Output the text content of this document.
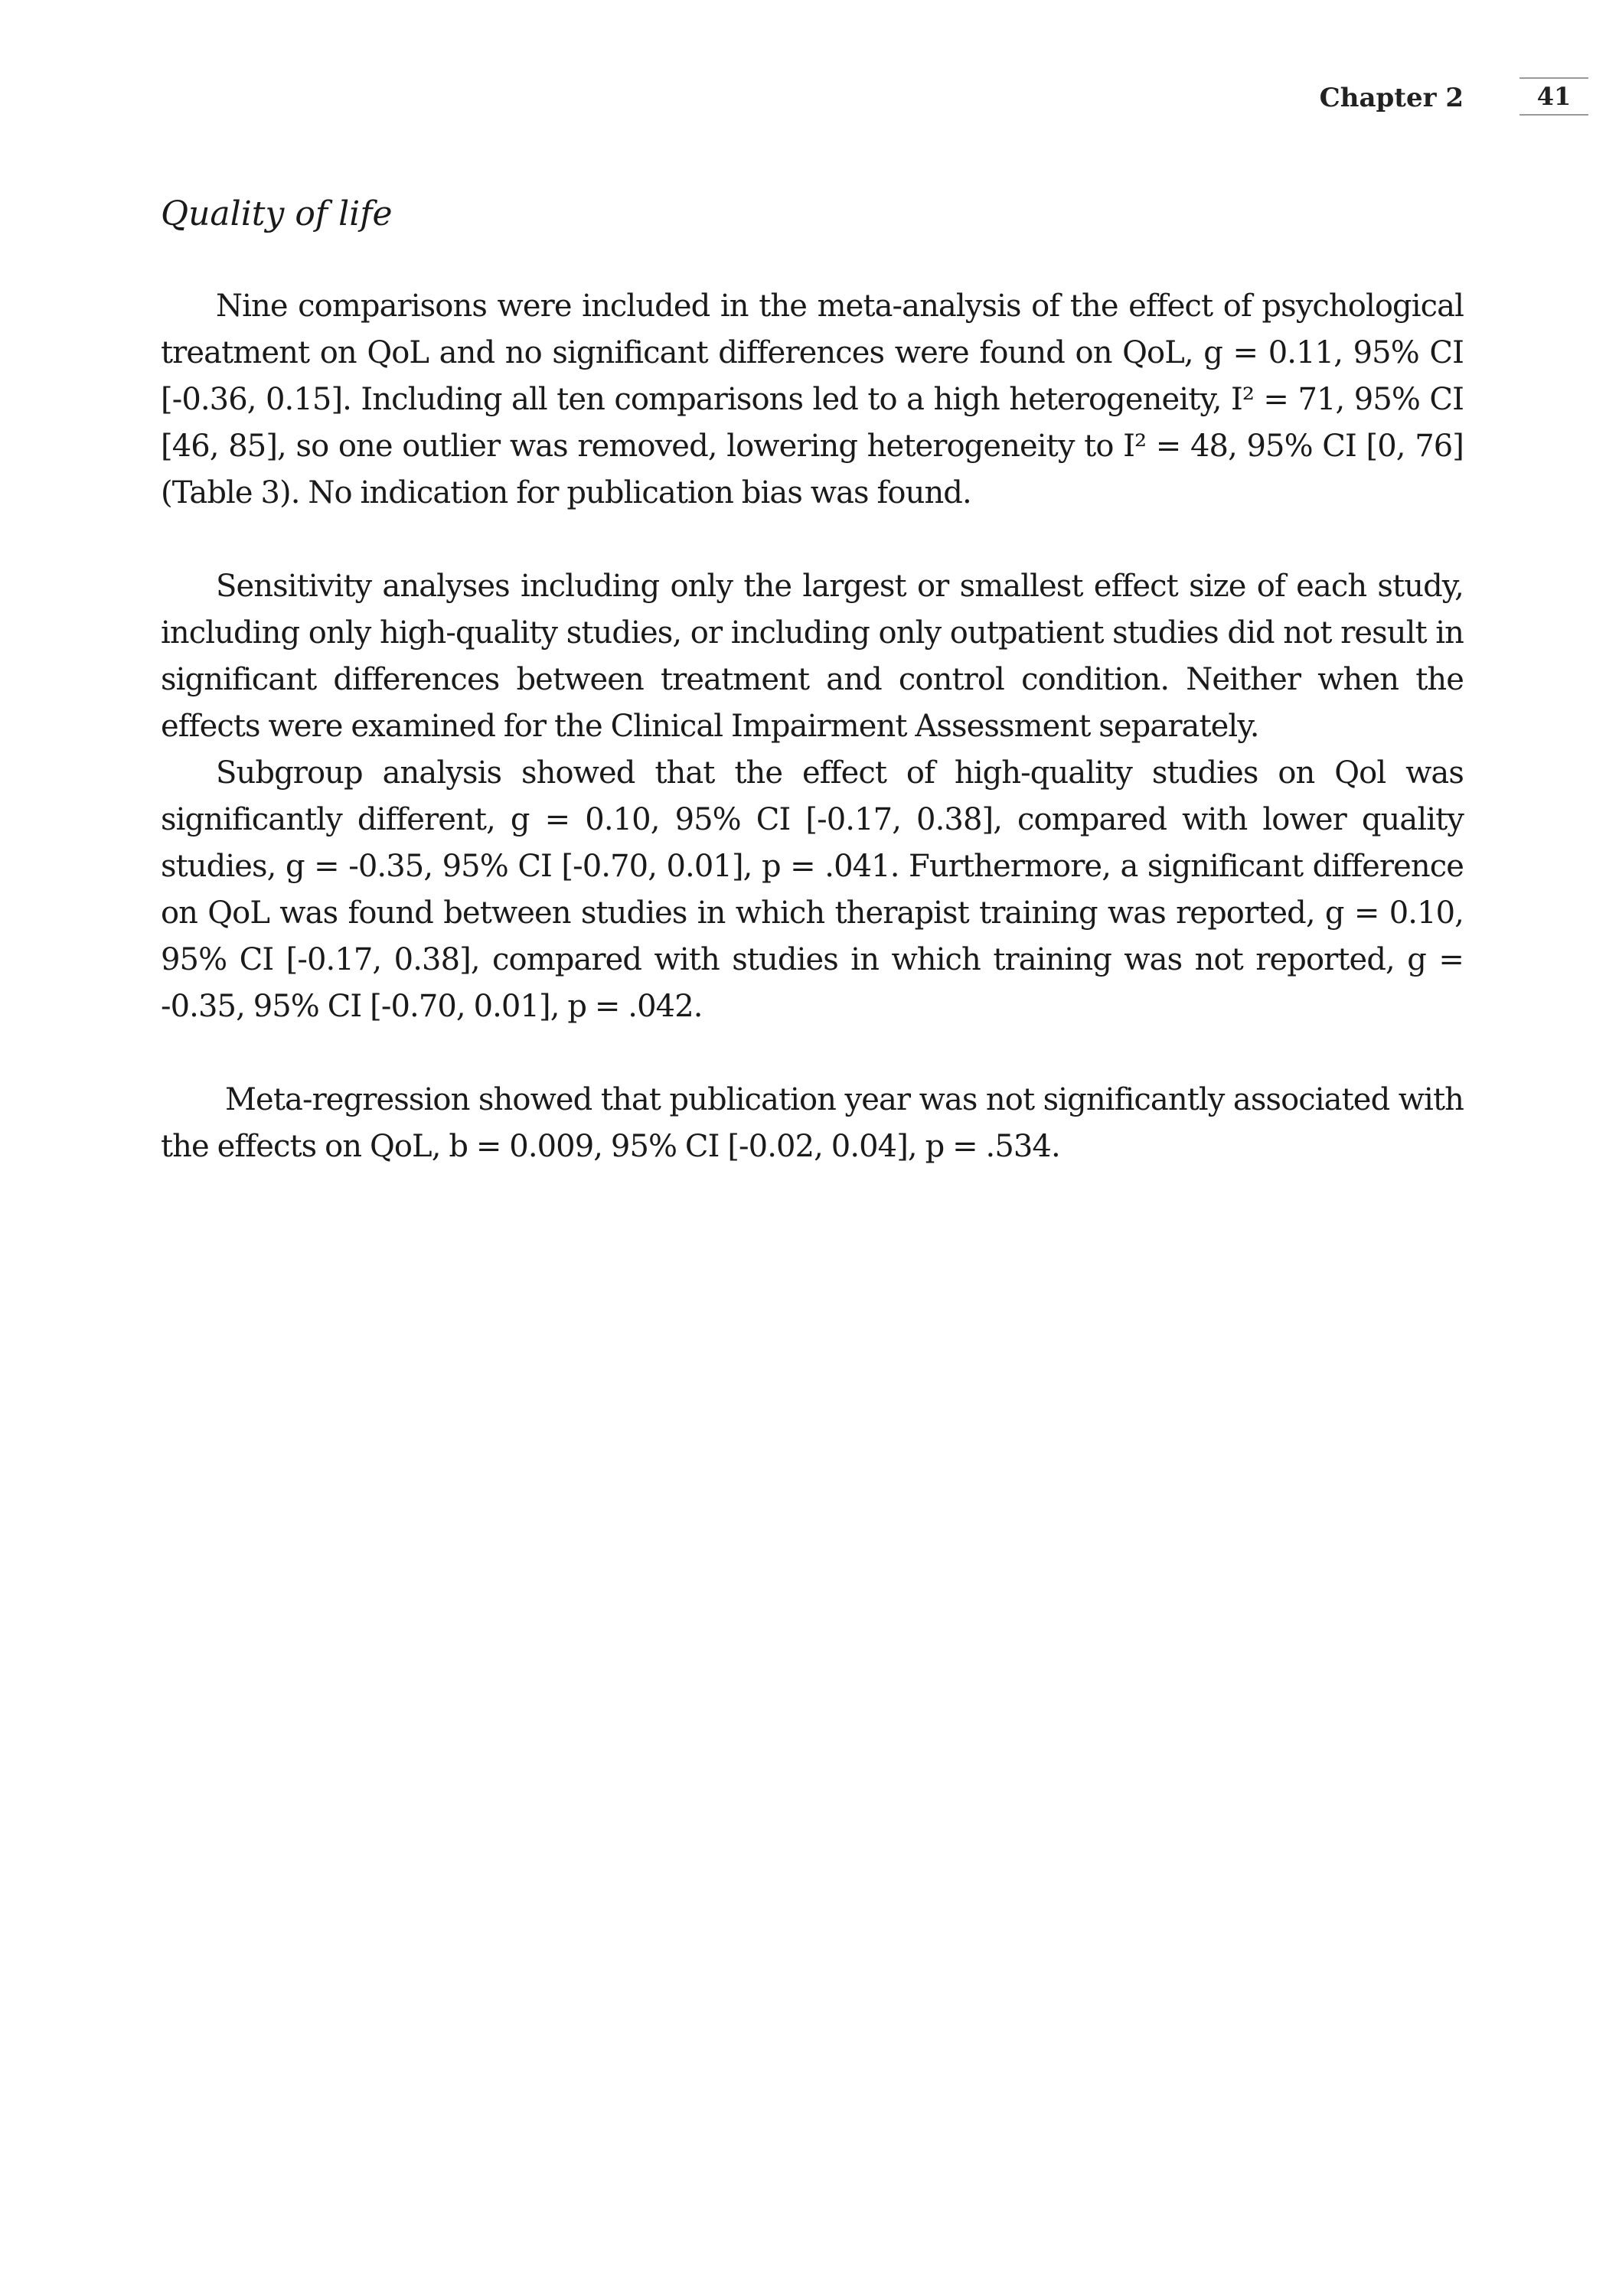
Chapter 2	41
Quality of life

Nine comparisons were included in the meta-analysis of the effect of psychological treatment on QoL and no significant differences were found on QoL, g = 0.11, 95% CI [-0.36, 0.15]. Including all ten comparisons led to a high heterogeneity, I² = 71, 95% CI [46, 85], so one outlier was removed, lowering heterogeneity to I² = 48, 95% CI [0, 76] (Table 3). No indication for publication bias was found.

Sensitivity analyses including only the largest or smallest effect size of each study, including only high-quality studies, or including only outpatient studies did not result in significant differences between treatment and control condition. Neither when the effects were examined for the Clinical Impairment Assessment separately.

Subgroup analysis showed that the effect of high-quality studies on Qol was significantly different, g = 0.10, 95% CI [-0.17, 0.38], compared with lower quality studies, g = -0.35, 95% CI [-0.70, 0.01], p = .041. Furthermore, a significant difference on QoL was found between studies in which therapist training was reported, g = 0.10, 95% CI [-0.17, 0.38], compared with studies in which training was not reported, g = -0.35, 95% CI [-0.70, 0.01], p = .042.

Meta-regression showed that publication year was not significantly associated with the effects on QoL, b = 0.009, 95% CI [-0.02, 0.04], p = .534.
